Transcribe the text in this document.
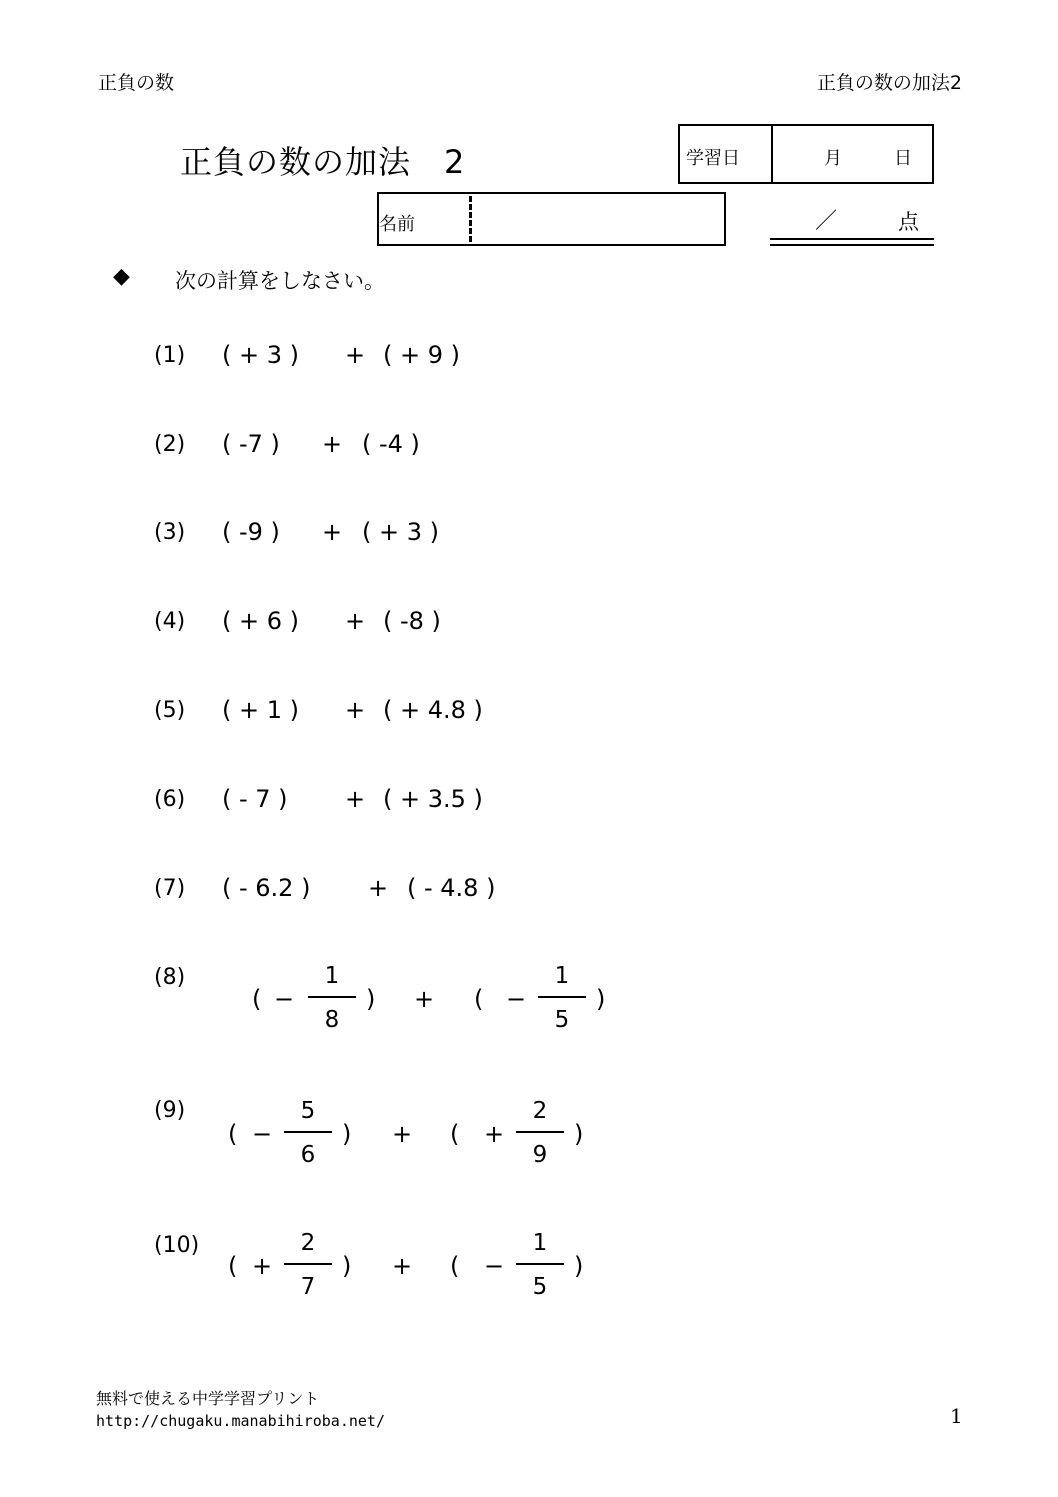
正負の数	正負の数の加法2
正負の数の加法　2	学習日	月	日
名前	／	点
◆ 次の計算をしなさい。
(1) ( + 3 ) + ( + 9 )
(2) ( -7 ) + ( -4 )
(3) ( -9 ) + ( + 3 )
(4) ( + 6 ) + ( -8 )
(5) ( + 1 ) + ( + 4.8 )
(6) ( - 7 ) + ( + 3.5 )
(7) ( - 6.2 ) + ( - 4.8 )
(8)
( −
1
8
) + ( −
1
5
)
(9)
( −
5
6
) + ( +
2
9
)
(10)
( +
2
7
) + ( −
1
5
)
無料で使える中学学習プリント
http://chugaku.manabihiroba.net/	1
